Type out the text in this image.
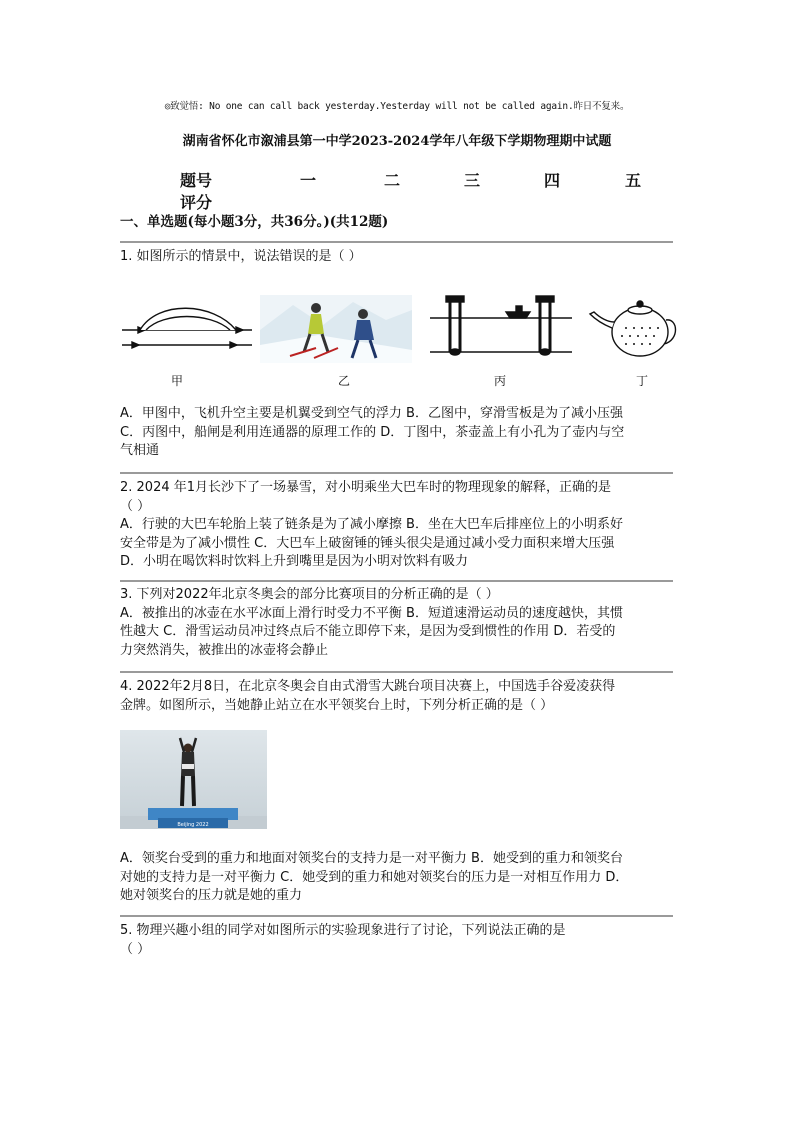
◎致觉悟: No one can call back yesterday.Yesterday will not be called again.昨日不复来。
湖南省怀化市溆浦县第一中学2023-2024学年八年级下学期物理期中试题
题号	一	二	三	四	五
评分
一、单选题(每小题3分，共36分。)(共12题)
1. 如图所示的情景中，说法错误的是（ ）
甲	乙	丙	丁
A．甲图中，飞机升空主要是机翼受到空气的浮力 B．乙图中，穿滑雪板是为了减小压强
C．丙图中，船闸是利用连通器的原理工作的 D．丁图中，茶壶盖上有小孔为了壶内与空
气相通
2. 2024 年1月长沙下了一场暴雪，对小明乘坐大巴车时的物理现象的解释，正确的是
（ ）
A．行驶的大巴车轮胎上装了链条是为了减小摩擦 B．坐在大巴车后排座位上的小明系好
安全带是为了减小惯性 C．大巴车上破窗锤的锤头很尖是通过减小受力面积来增大压强
D．小明在喝饮料时饮料上升到嘴里是因为小明对饮料有吸力
3. 下列对2022年北京冬奥会的部分比赛项目的分析正确的是（ ）
A．被推出的冰壶在水平冰面上滑行时受力不平衡 B．短道速滑运动员的速度越快，其惯
性越大 C．滑雪运动员冲过终点后不能立即停下来，是因为受到惯性的作用 D．若受的
力突然消失，被推出的冰壶将会静止
4. 2022年2月8日，在北京冬奥会自由式滑雪大跳台项目决赛上，中国选手谷爱凌获得
金牌。如图所示，当她静止站立在水平领奖台上时，下列分析正确的是（ ）
Beijing 2022
A．领奖台受到的重力和地面对领奖台的支持力是一对平衡力 B．她受到的重力和领奖台
对她的支持力是一对平衡力 C．她受到的重力和她对领奖台的压力是一对相互作用力 D．
她对领奖台的压力就是她的重力
5. 物理兴趣小组的同学对如图所示的实验现象进行了讨论，下列说法正确的是
（ ）
